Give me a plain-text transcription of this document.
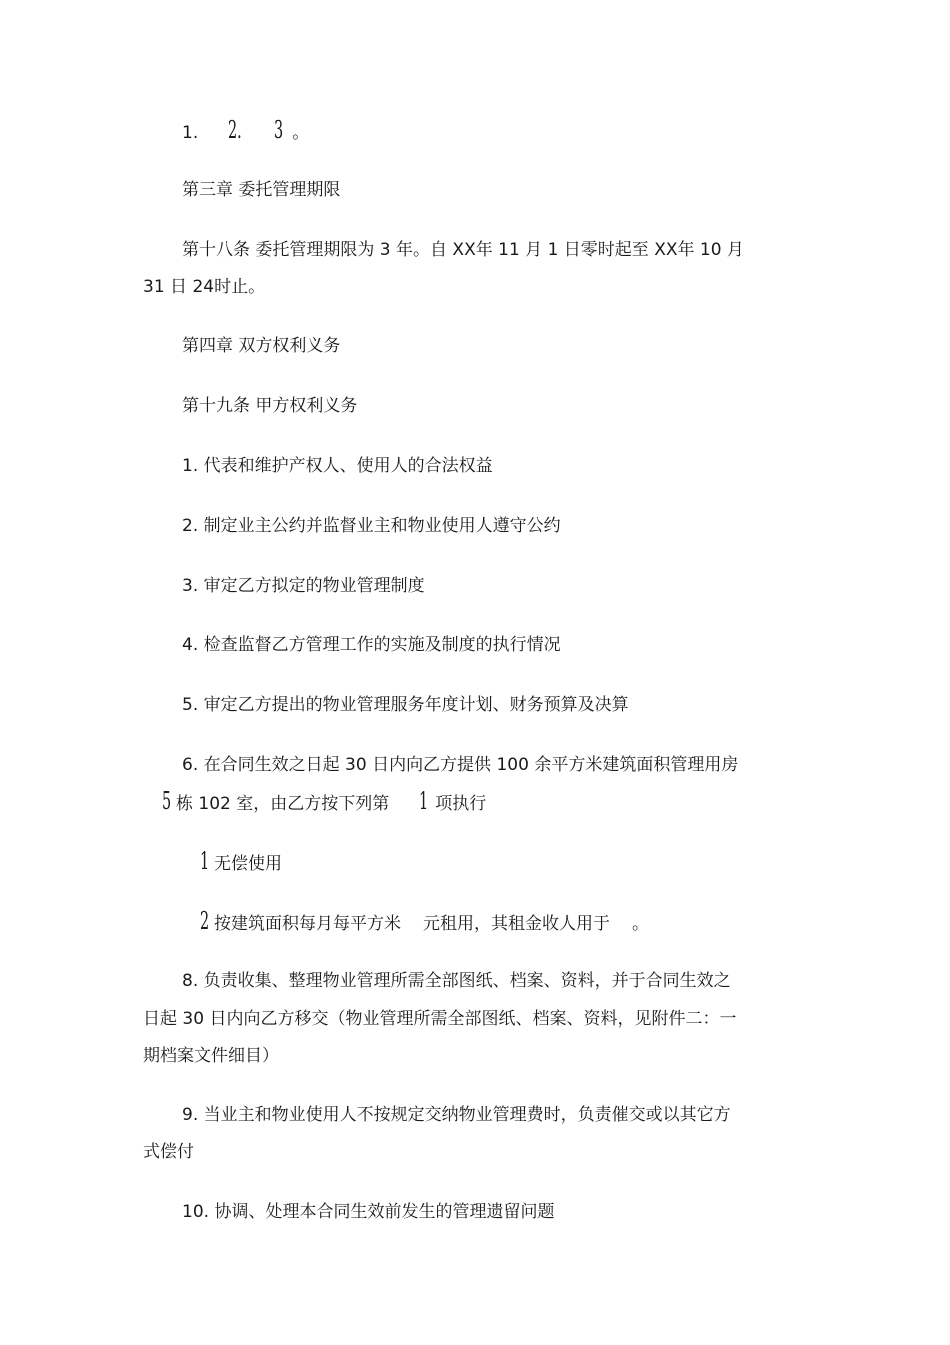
1. 2. 3 。
第三章 委托管理期限
第十八条 委托管理期限为 3 年。自 XX年 11 月 1 日零时起至 XX年 10 月
31 日 24时止。
第四章 双方权利义务
第十九条 甲方权利义务
1. 代表和维护产权人、使用人的合法权益
2. 制定业主公约并监督业主和物业使用人遵守公约
3. 审定乙方拟定的物业管理制度
4. 检查监督乙方管理工作的实施及制度的执行情况
5. 审定乙方提出的物业管理服务年度计划、财务预算及决算
6. 在合同生效之日起 30 日内向乙方提供 100 余平方米建筑面积管理用房
5 栋 102 室，由乙方按下列第 1 项执行
1 无偿使用
2 按建筑面积每月每平方米 元租用，其租金收人用于 。
8. 负责收集、整理物业管理所需全部图纸、档案、资料，并于合同生效之
日起 30 日内向乙方移交（物业管理所需全部图纸、档案、资料，见附件二：一
期档案文件细目）
9. 当业主和物业使用人不按规定交纳物业管理费时，负责催交或以其它方
式偿付
10. 协调、处理本合同生效前发生的管理遗留问题
